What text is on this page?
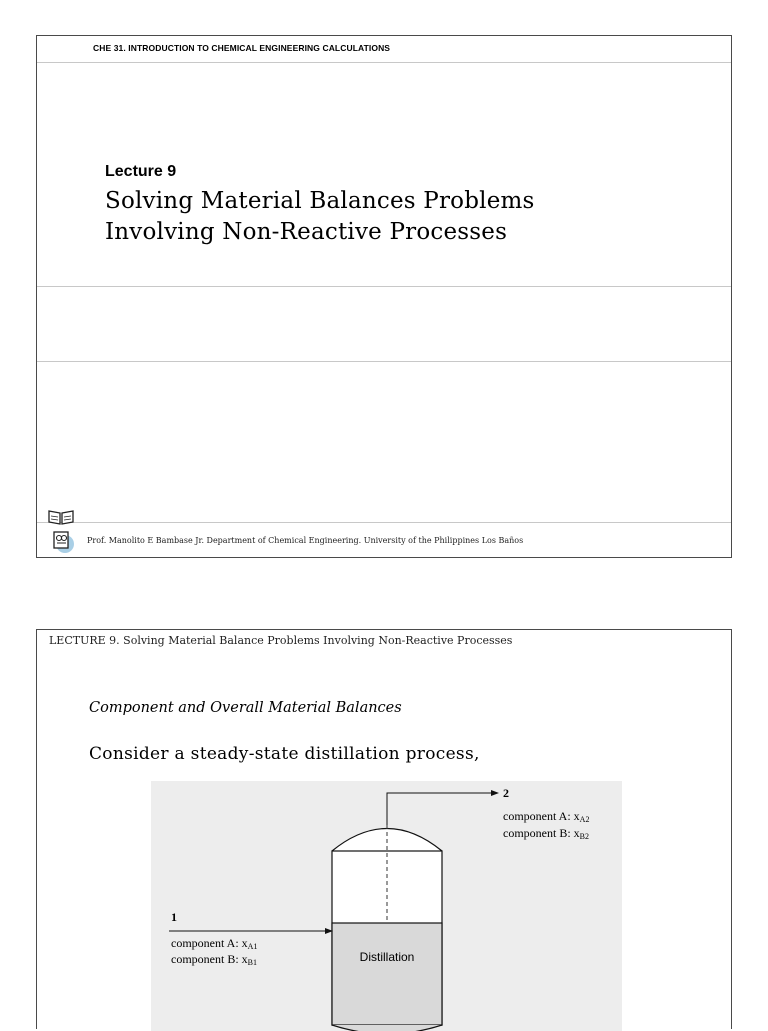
CHE 31. INTRODUCTION TO CHEMICAL ENGINEERING CALCULATIONS
Lecture 9
Solving Material Balances Problems
Involving Non-Reactive Processes
Prof. Manolito E Bambase Jr. Department of Chemical Engineering. University of the Philippines Los Baños
LECTURE 9. Solving Material Balance Problems Involving Non-Reactive Processes
Component and Overall Material Balances
Consider a steady-state distillation process,
2
component A: xA2
component B: xB2
1
component A: xA1
component B: xB1	Distillation
